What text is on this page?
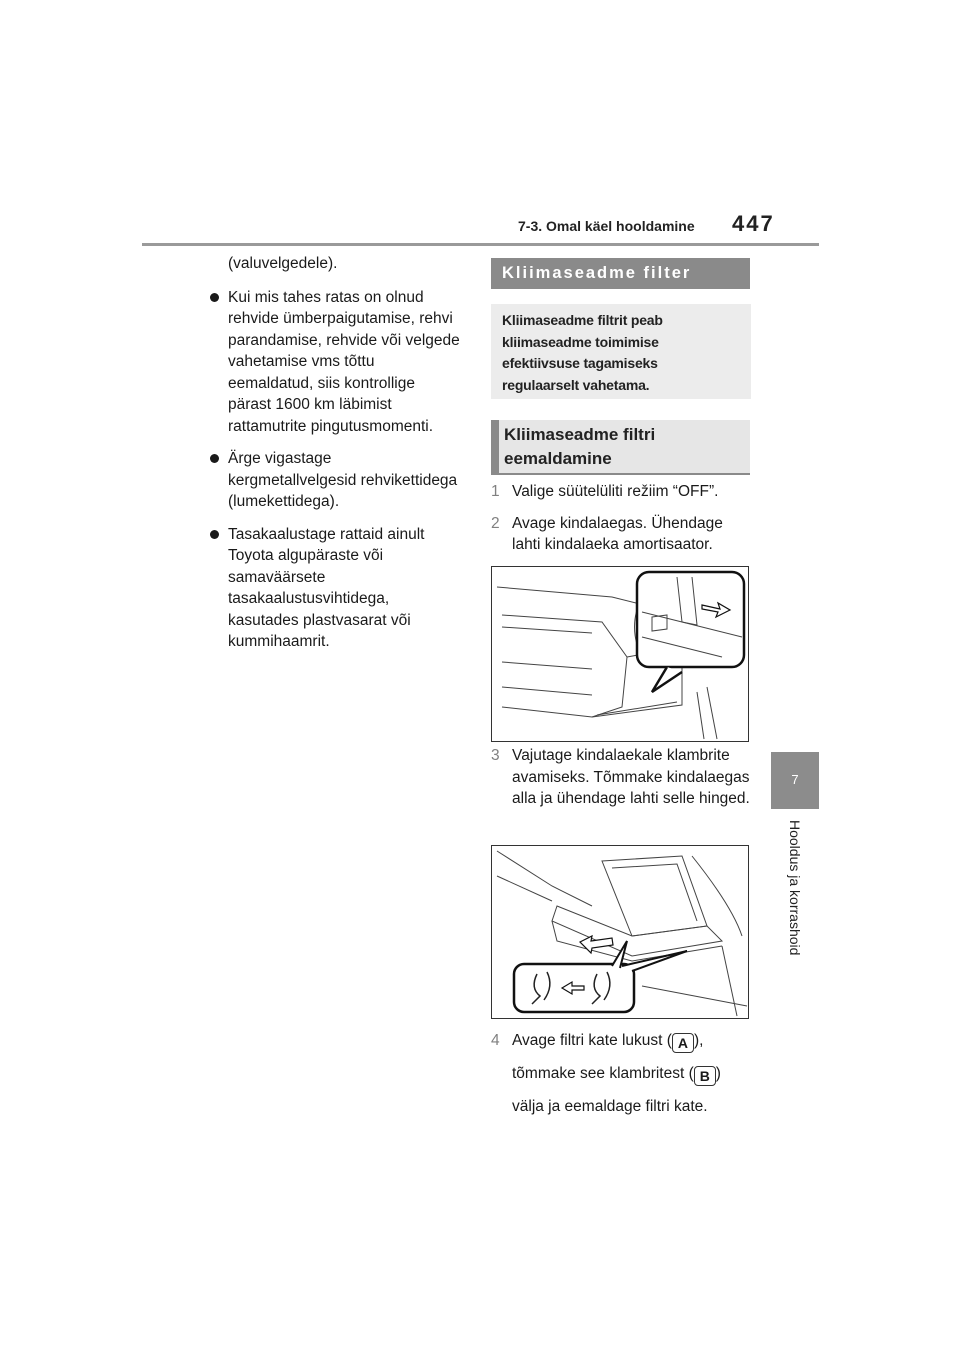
7-3. Omal käel hooldamine 447
7
Hooldus ja korrashoid
(valuvelgedele).
Kui mis tahes ratas on olnud rehvide ümberpaigutamise, rehvi parandamise, rehvide või velgede vahetamise vms tõttu eemaldatud, siis kontrollige pärast 1600 km läbimist rattamutrite pingutusmomenti.
Ärge vigastage kergmetallvelgesid rehvikettidega (lumekettidega).
Tasakaalustage rattaid ainult Toyota algupäraste või samaväärsete tasakaalustusvihtidega, kasutades plastvasarat või kummihaamrit.
Kliimaseadme filter

Kliimaseadme filtrit peab kliimaseadme toimimise efektiivsuse tagamiseks regulaarselt vahetama.

Kliimaseadme filtri eemaldamine
1 Valige süütelüliti režiim “OFF”.
2 Avage kindalaegas. Ühendage lahti kindalaeka amortisaator.
3 Vajutage kindalaekale klambrite avamiseks. Tõmmake kindalaegas alla ja ühendage lahti selle hinged.
4 Avage filtri kate lukust ( A ),
tõmmake see klambritest ( B )
välja ja eemaldage filtri kate.
